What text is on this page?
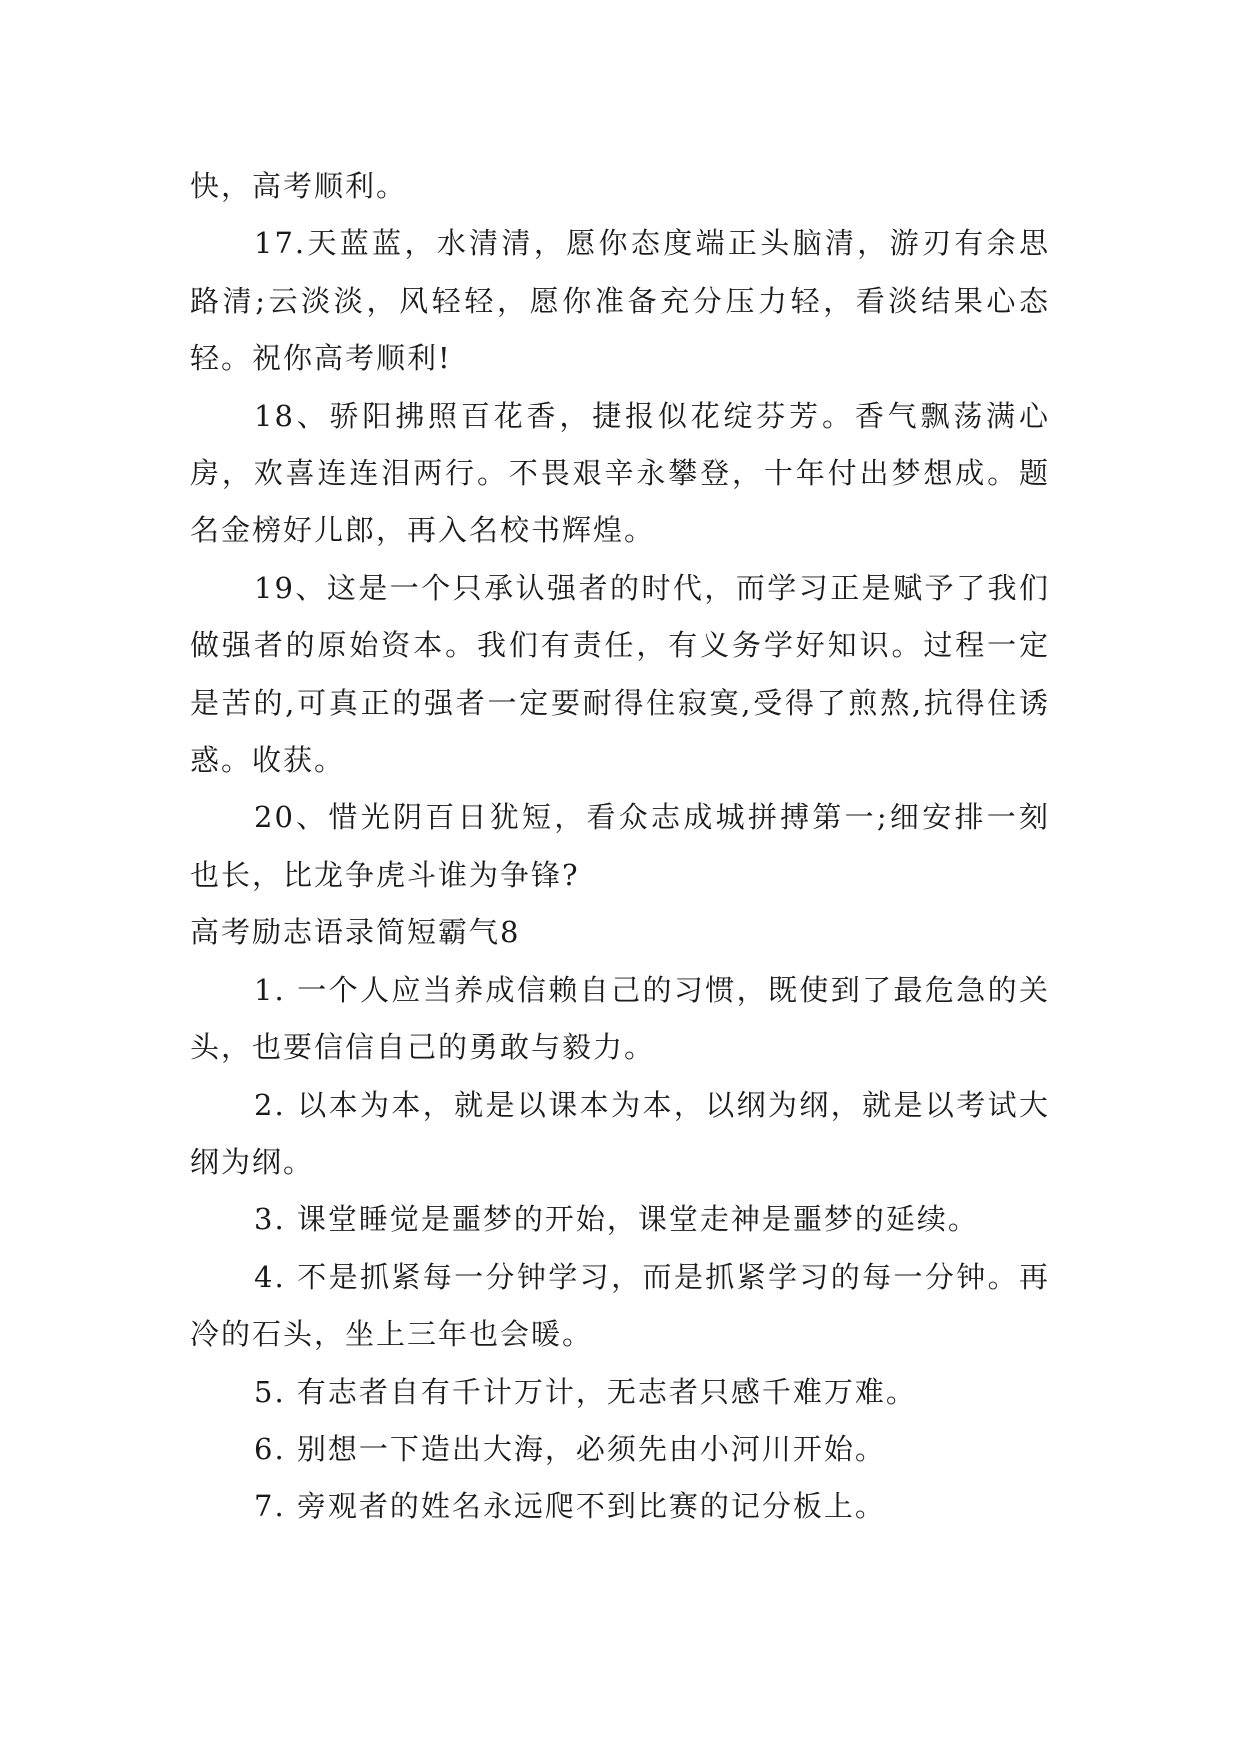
快，高考顺利。

17.天蓝蓝，水清清，愿你态度端正头脑清，游刃有余思路清;云淡淡，风轻轻，愿你准备充分压力轻，看淡结果心态轻。祝你高考顺利!

18、骄阳拂照百花香，捷报似花绽芬芳。香气飘荡满心房，欢喜连连泪两行。不畏艰辛永攀登，十年付出梦想成。题名金榜好儿郎，再入名校书辉煌。

19、这是一个只承认强者的时代，而学习正是赋予了我们做强者的原始资本。我们有责任，有义务学好知识。过程一定是苦的,可真正的强者一定要耐得住寂寞,受得了煎熬,抗得住诱惑。收获。

20、惜光阴百日犹短，看众志成城拼搏第一;细安排一刻也长，比龙争虎斗谁为争锋?

高考励志语录简短霸气8

1. 一个人应当养成信赖自己的习惯，既使到了最危急的关头，也要信信自己的勇敢与毅力。

2. 以本为本，就是以课本为本，以纲为纲，就是以考试大纲为纲。

3. 课堂睡觉是噩梦的开始，课堂走神是噩梦的延续。

4. 不是抓紧每一分钟学习，而是抓紧学习的每一分钟。再冷的石头，坐上三年也会暖。

5. 有志者自有千计万计，无志者只感千难万难。

6. 别想一下造出大海，必须先由小河川开始。

7. 旁观者的姓名永远爬不到比赛的记分板上。
